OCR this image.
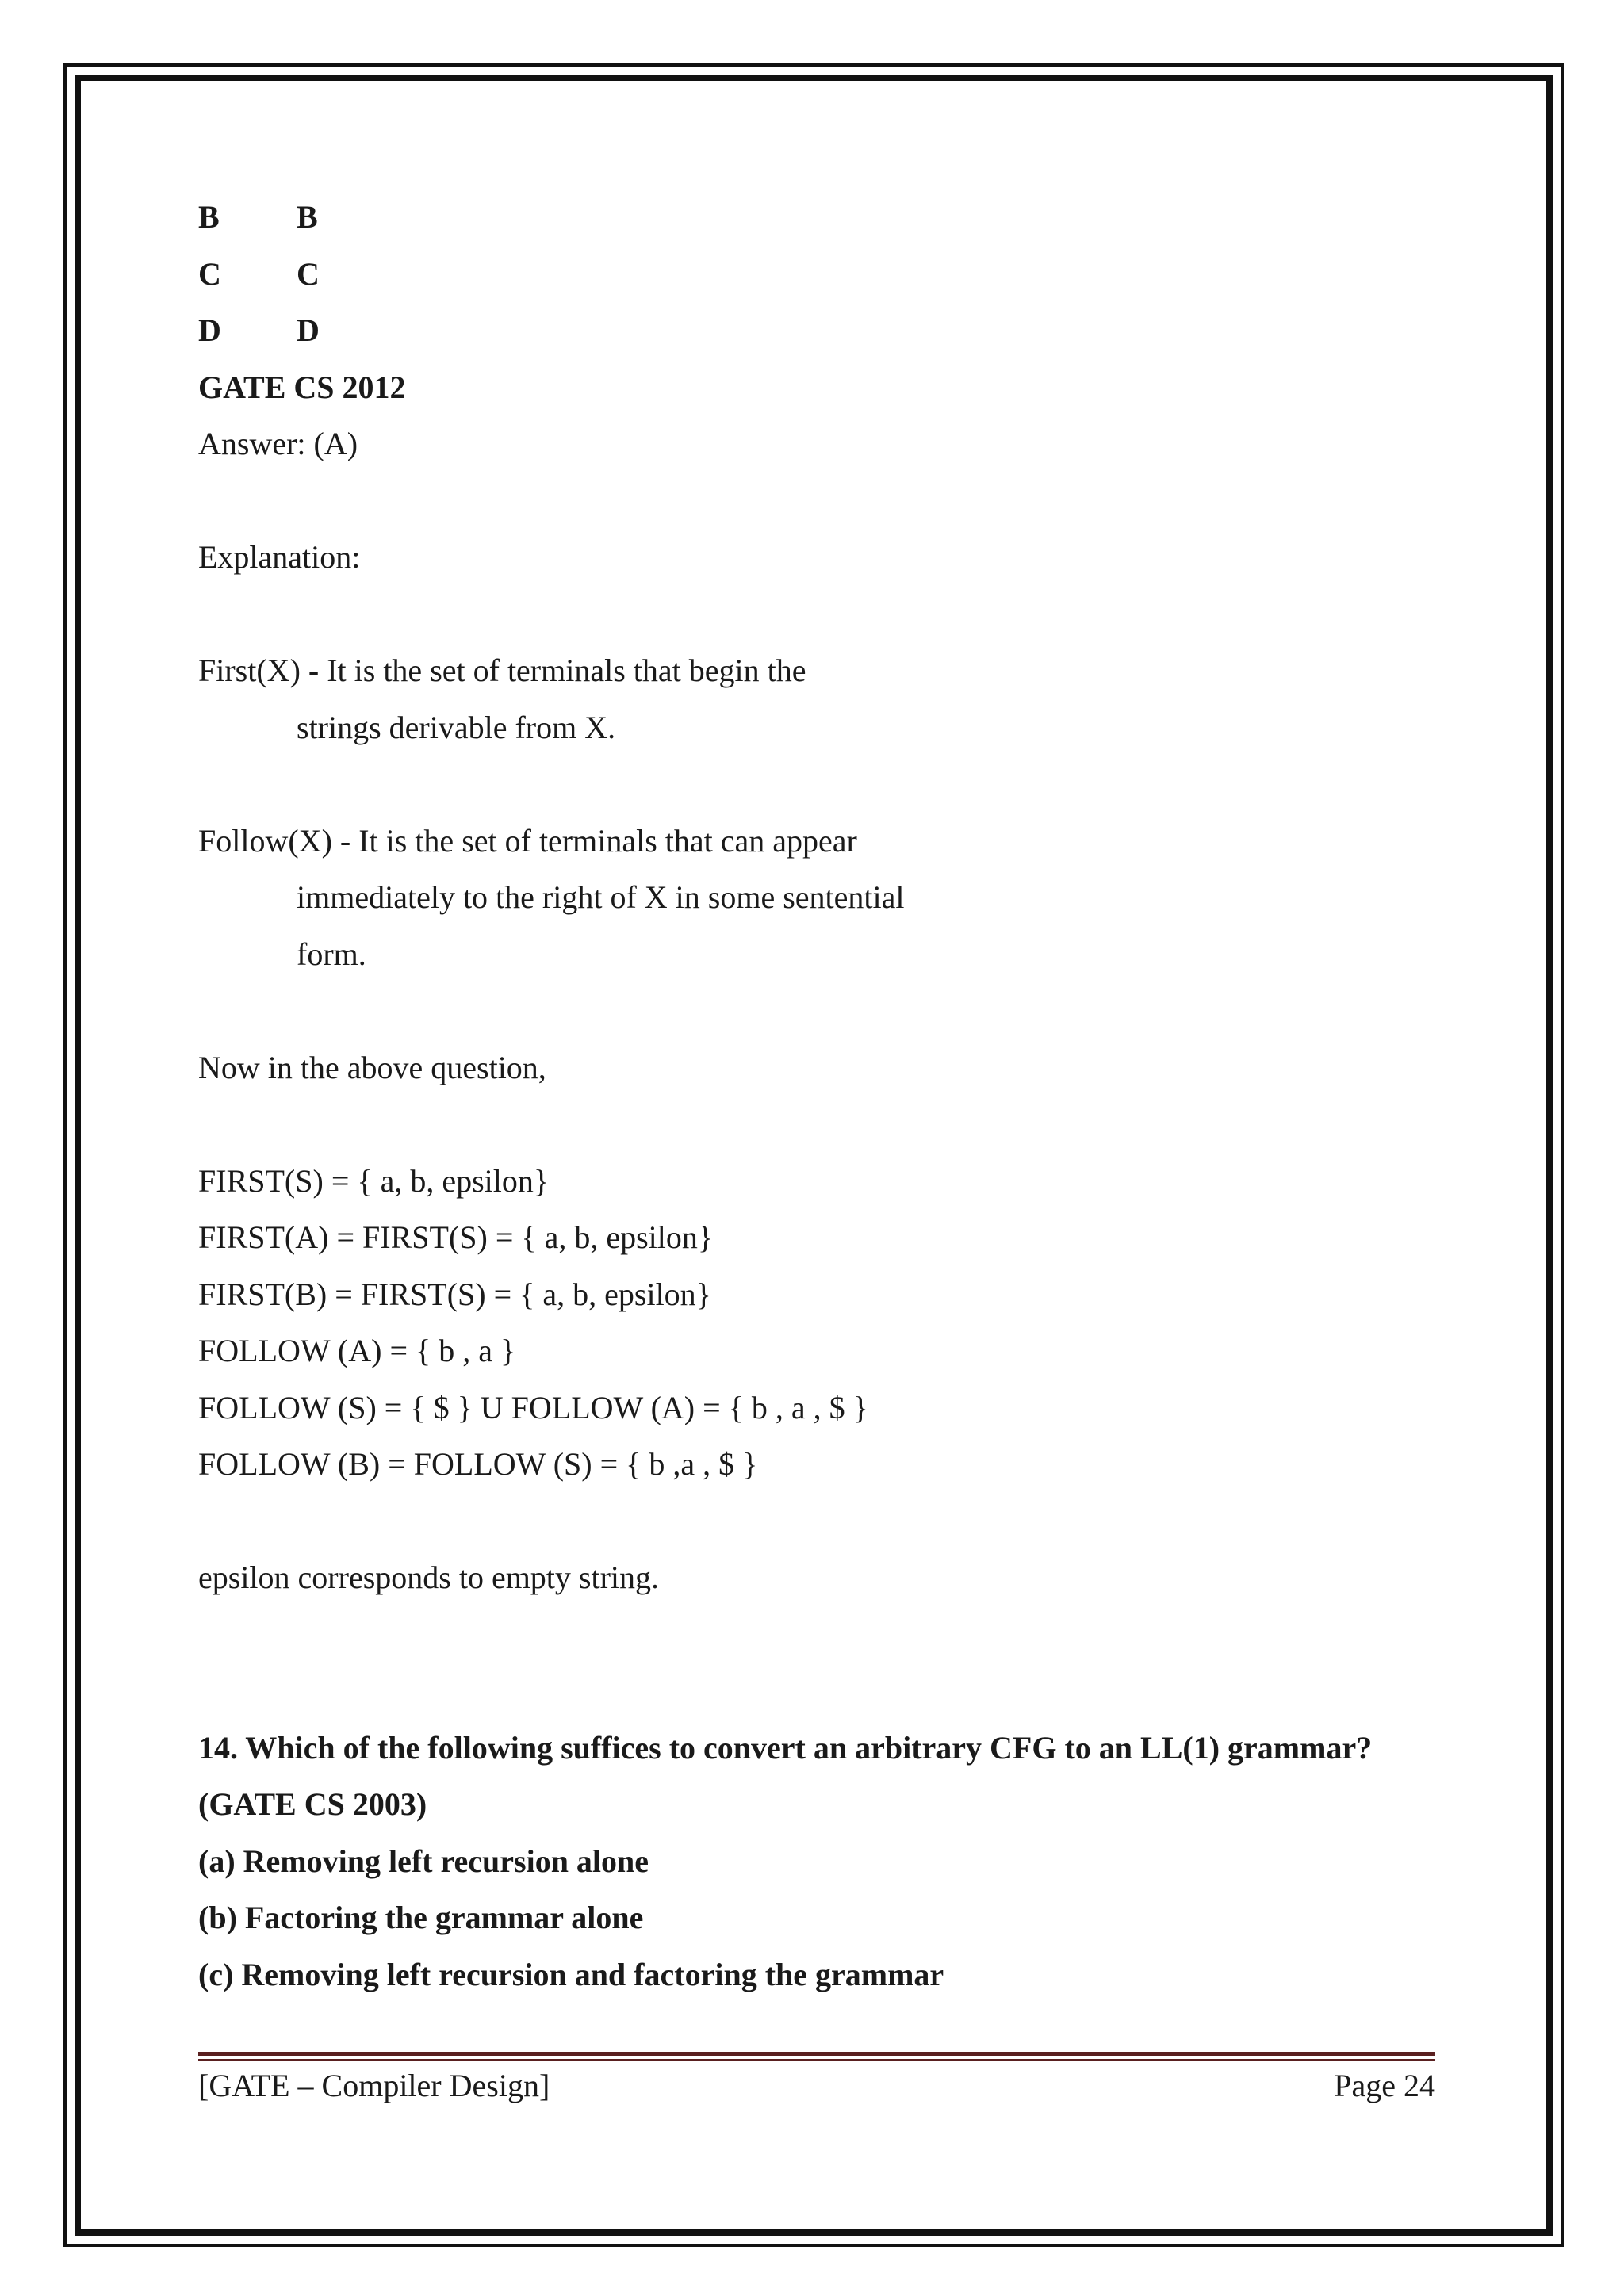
B B
C C
D D
GATE CS 2012
Answer: (A)
Explanation:
First(X) - It is the set of terminals that begin the
strings derivable from X.
Follow(X) - It is the set of terminals that can appear
immediately to the right of X in some sentential
form.
Now in the above question,
FIRST(S) = { a, b, epsilon}
FIRST(A) = FIRST(S) = { a, b, epsilon}
FIRST(B) = FIRST(S) = { a, b, epsilon}
FOLLOW (A) = { b , a }
FOLLOW (S) = { $ } U FOLLOW (A) = { b , a , $ }
FOLLOW (B) = FOLLOW (S) = { b ,a , $ }
epsilon corresponds to empty string.
14. Which of the following suffices to convert an arbitrary CFG to an LL(1) grammar?
(GATE CS 2003)
(a) Removing left recursion alone
(b) Factoring the grammar alone
(c) Removing left recursion and factoring the grammar
[GATE – Compiler Design]	Page 24
